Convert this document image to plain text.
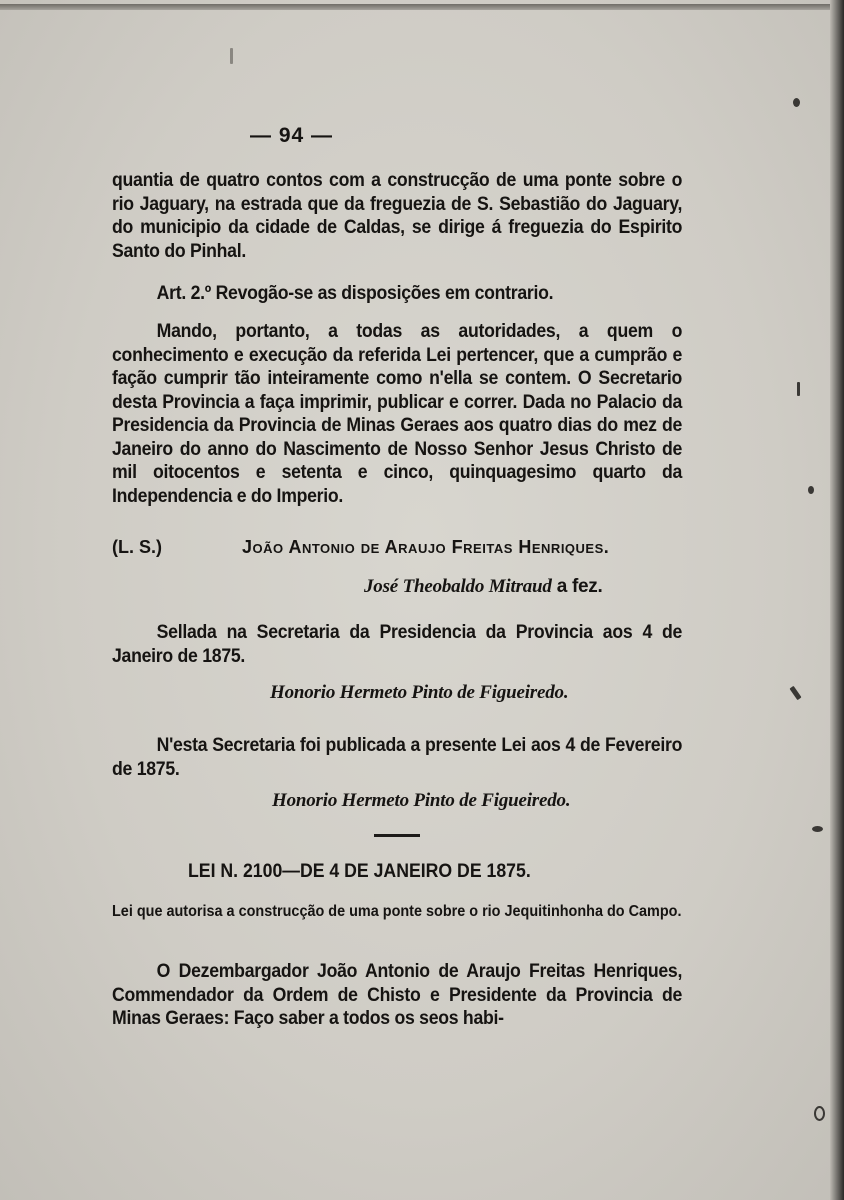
— 94 —

quantia de quatro contos com a construcção de uma ponte sobre o rio Jaguary, na estrada que da freguezia de S. Sebastião do Jaguary, do municipio da cidade de Caldas, se dirige á freguezia do Espirito Santo do Pinhal.

Art. 2.º Revogão-se as disposições em contrario.

Mando, portanto, a todas as autoridades, a quem o conhecimento e execução da referida Lei pertencer, que a cumprão e fação cumprir tão inteiramente como n'ella se contem. O Secretario desta Provincia a faça imprimir, publicar e correr. Dada no Palacio da Presidencia da Provincia de Minas Geraes aos quatro dias do mez de Janeiro do anno do Nascimento de Nosso Senhor Jesus Christo de mil oitocentos e setenta e cinco, quinquagesimo quarto da Independencia e do Imperio.

(L. S.)	João Antonio de Araujo Freitas Henriques.
José Theobaldo Mitraud a fez.

Sellada na Secretaria da Presidencia da Provincia aos 4 de Janeiro de 1875.

Honorio Hermeto Pinto de Figueiredo.

N'esta Secretaria foi publicada a presente Lei aos 4 de Fevereiro de 1875.

Honorio Hermeto Pinto de Figueiredo.
LEI N. 2100—DE 4 DE JANEIRO DE 1875.
Lei que autorisa a construcção de uma ponte sobre o rio Jequitinhonha do Campo.

O Dezembargador João Antonio de Araujo Freitas Henriques, Commendador da Ordem de Chisto e Presidente da Provincia de Minas Geraes: Faço saber a todos os seos habi-
